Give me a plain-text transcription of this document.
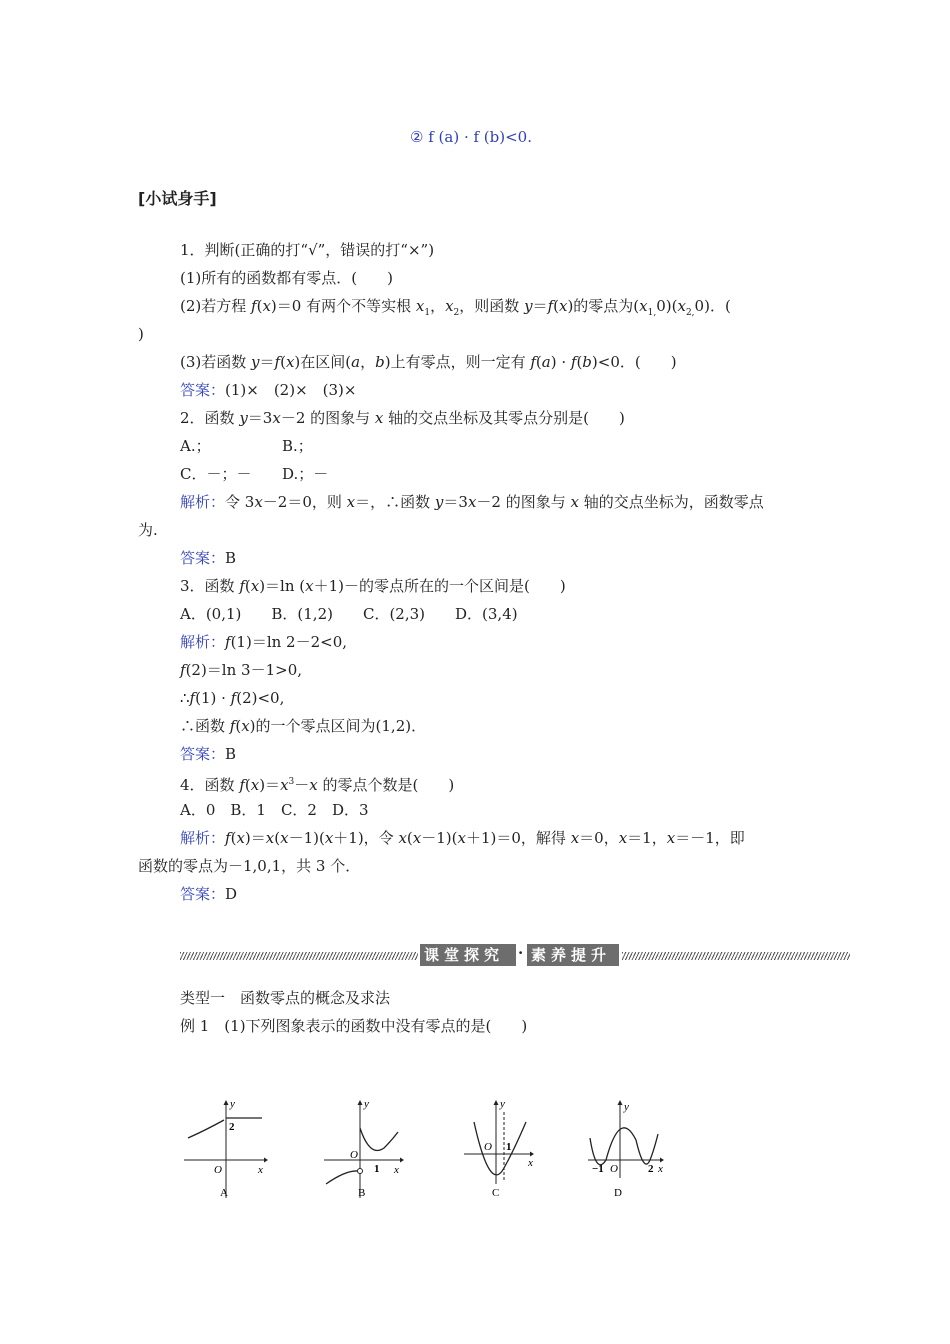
② f (a) · f (b)<0.
[小试身手]
1．判断(正确的打“√”，错误的打“×”)
(1)所有的函数都有零点．(　　)
(2)若方程 f(x)＝0 有两个不等实根 $x_1$，$x_2$，则函数 y＝f(x)的零点为$(x_{1,}0)(x_{2,}0)$．(
)
(3)若函数 y＝f(x)在区间(a，b)上有零点，则一定有 f(a) · f(b)<0．(　　)
答案：(1)×　(2)×　(3)×
2．函数 y＝3x－2 的图象与 x 轴的交点坐标及其零点分别是(　　)
A.；	B.；
C．－；－ D.；－
解析：令 3x－2＝0，则 x＝，∴函数 y＝3x－2 的图象与 x 轴的交点坐标为，函数零点
为.
答案：B
3．函数 f(x)＝ln (x＋1)－的零点所在的一个区间是(　　)
A．(0,1)　　B．(1,2)　　C．(2,3)　　D．(3,4)
解析：f(1)＝ln 2－2<0,
f(2)＝ln 3－1>0,
∴f(1) · f(2)<0,
∴函数 f(x)的一个零点区间为(1,2)．
答案：B
4．函数 $f(x)=x^3-x$ 的零点个数是(　　)
A．0　B．1　C．2　D．3
解析：f(x)＝x(x－1)(x＋1)，令 x(x－1)(x＋1)＝0，解得 x＝0，x＝1，x＝－1，即
函数的零点为－1,0,1，共 3 个．
答案：D
课堂探究 · 素养提升
类型一　函数零点的概念及求法
例 1　(1)下列图象表示的函数中没有零点的是(　　)
y
x
O
2
A
y
x
O
1
B
y
x
O 1
C
y
x
O
−1	2
D
